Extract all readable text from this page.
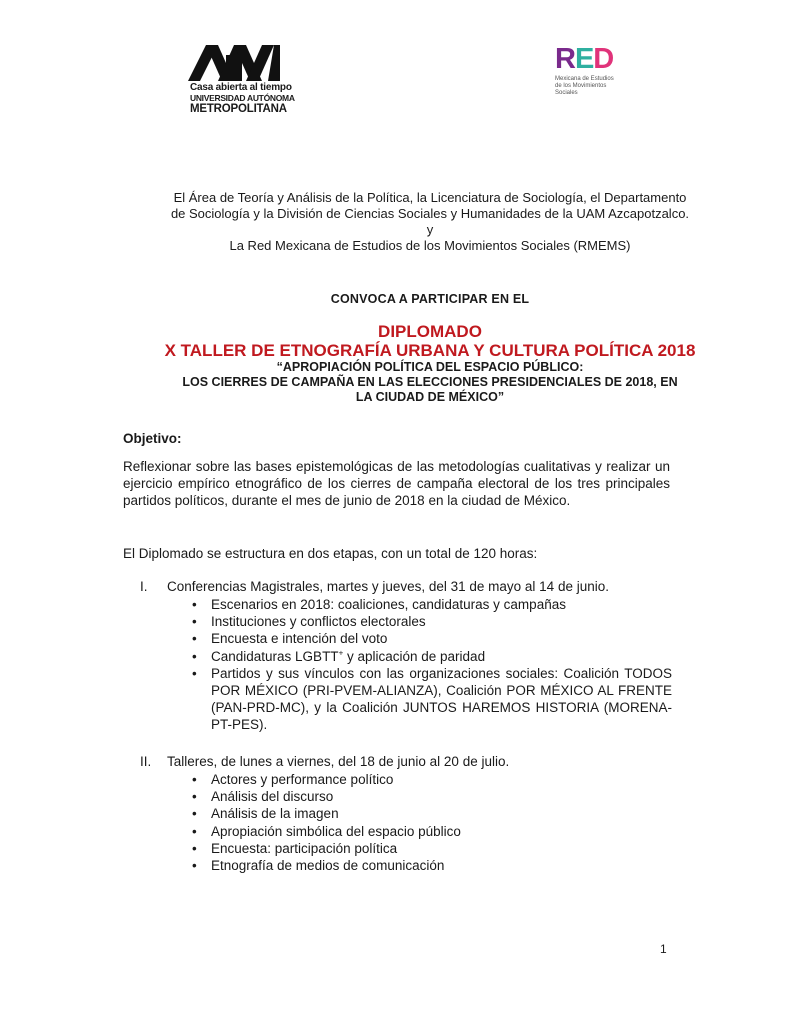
Casa abierta al tiempo
UNIVERSIDAD AUTÓNOMA
METROPOLITANA
RED
Mexicana de Estudios
de los Movimientos
Sociales
El Área de Teoría y Análisis de la Política, la Licenciatura de Sociología, el Departamento
de Sociología y la División de Ciencias Sociales y Humanidades de la UAM Azcapotzalco.
y
La Red Mexicana de Estudios de los Movimientos Sociales (RMEMS)
CONVOCA A PARTICIPAR EN EL
DIPLOMADO
X TALLER DE ETNOGRAFÍA URBANA Y CULTURA POLÍTICA 2018
“APROPIACIÓN POLÍTICA DEL ESPACIO PÚBLICO:
LOS CIERRES DE CAMPAÑA EN LAS ELECCIONES PRESIDENCIALES DE 2018, EN
LA CIUDAD DE MÉXICO”
Objetivo:
Reflexionar sobre las bases epistemológicas de las metodologías cualitativas y realizar un ejercicio empírico etnográfico de los cierres de campaña electoral de los tres principales partidos políticos, durante el mes de junio de 2018 en la ciudad de México.
El Diplomado se estructura en dos etapas, con un total de 120 horas:
I. Conferencias Magistrales, martes y jueves, del 31 de mayo al 14 de junio.
• Escenarios en 2018: coaliciones, candidaturas y campañas
• Instituciones y conflictos electorales
• Encuesta e intención del voto
• Candidaturas LGBTT+ y aplicación de paridad
• Partidos y sus vínculos con las organizaciones sociales: Coalición TODOS POR MÉXICO (PRI-PVEM-ALIANZA), Coalición POR MÉXICO AL FRENTE (PAN-PRD-MC), y la Coalición JUNTOS HAREMOS HISTORIA (MORENA-PT-PES).
II. Talleres, de lunes a viernes, del 18 de junio al 20 de julio.
• Actores y performance político
• Análisis del discurso
• Análisis de la imagen
• Apropiación simbólica del espacio público
• Encuesta: participación política
• Etnografía de medios de comunicación
1
